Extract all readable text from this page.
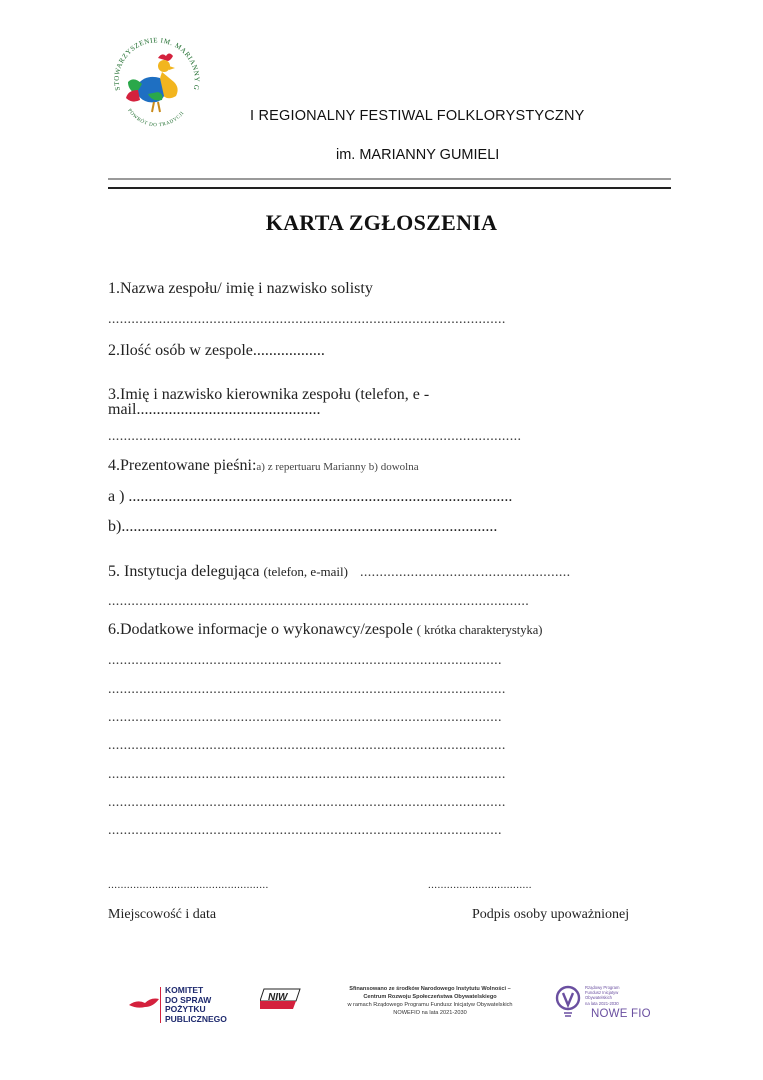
STOWARZYSZENIE IM. MARIANNY G
POWRÓT DO TRADYCJI	I REGIONALNY FESTIWAL FOLKLORYSTYCZNY
im. MARIANNY GUMIELI
KARTA ZGŁOSZENIA
1.Nazwa zespołu/ imię i nazwisko solisty
......................................................................................................
2.Ilość osób w zespole..................
3.Imię i nazwisko kierownika zespołu (telefon, e -
mail..............................................
..........................................................................................................
4.Prezentowane pieśni:a) z repertuaru Marianny b) dowolna
a ) ................................................................................................
b)..............................................................................................
5. Instytucja delegująca (telefon, e-mail) ......................................................
............................................................................................................
6.Dodatkowe informacje o wykonawcy/zespole ( krótka charakterystyka)
.....................................................................................................
......................................................................................................
.....................................................................................................
......................................................................................................
......................................................................................................
......................................................................................................
.....................................................................................................
...................................................	.................................
Miejscowość i data	Podpis osoby upoważnionej
KOMITET
DO SPRAW
POŻYTKU
PUBLICZNEGO
NIW
Sfinansowano ze środków Narodowego Instytutu Wolności –
Centrum Rozwoju Społeczeństwa Obywatelskiego
w ramach Rządowego Programu Fundusz Inicjatyw Obywatelskich
NOWEFIO na lata 2021-2030
Rządowy Program
Fundusz Inicjatyw
Obywatelskich
na lata 2021-2030
NOWE FIO
